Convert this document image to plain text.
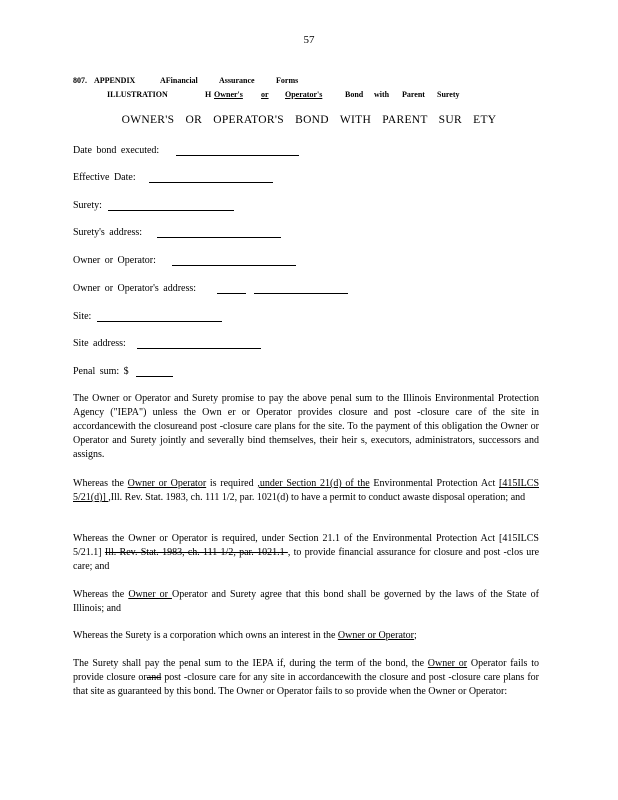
57
807. APPENDIX	AFinancial	Assurance	Forms
ILLUSTRATION	H Owner's or Operator's	Bond with Parent Surety
OWNER'S OR OPERATOR'S BOND WITH PARENT SUR ETY
Date bond executed:
Effective Date:
Surety:
Surety's address:
Owner or Operator:
Owner or Operator's address:
Site:
Site address:
Penal sum: $

The Owner or Operator and Surety promise to pay the above penal sum to the Illinois Environmental Protection Agency ("IEPA") unless the Own er or Operator provides closure and post -closure care of the site in accordancewith the closureand post -closure care plans for the site. To the payment of this obligation the Owner or Operator and Surety jointly and severally bind themselves, their heir s, executors, administrators, successors and assigns.

Whereas the Owner or Operator is required ,under Section 21(d) of the Environmental Protection Act [415ILCS 5/21(d)] ,Ill. Rev. Stat. 1983, ch. 111 1/2, par. 1021(d) to have a permit to conduct awaste disposal operation; and

Whereas the Owner or Operator is required, under Section 21.1 of the Environmental Protection Act [415ILCS 5/21.1] Ill. Rev. Stat. 1983, ch. 111 1/2, par. 1021.1 , to provide financial assurance for closure and post -clos ure care; and

Whereas the Owner or Operator and Surety agree that this bond shall be governed by the laws of the State of Illinois; and

Whereas the Surety is a corporation which owns an interest in the Owner or Operator;

The Surety shall pay the penal sum to the IEPA if, during the term of the bond, the Owner or Operator fails to provide closure orand post -closure care for any site in accordancewith the closure and post -closure care plans for that site as guaranteed by this bond. The Owner or Operator fails to so provide when the Owner or Operator:
